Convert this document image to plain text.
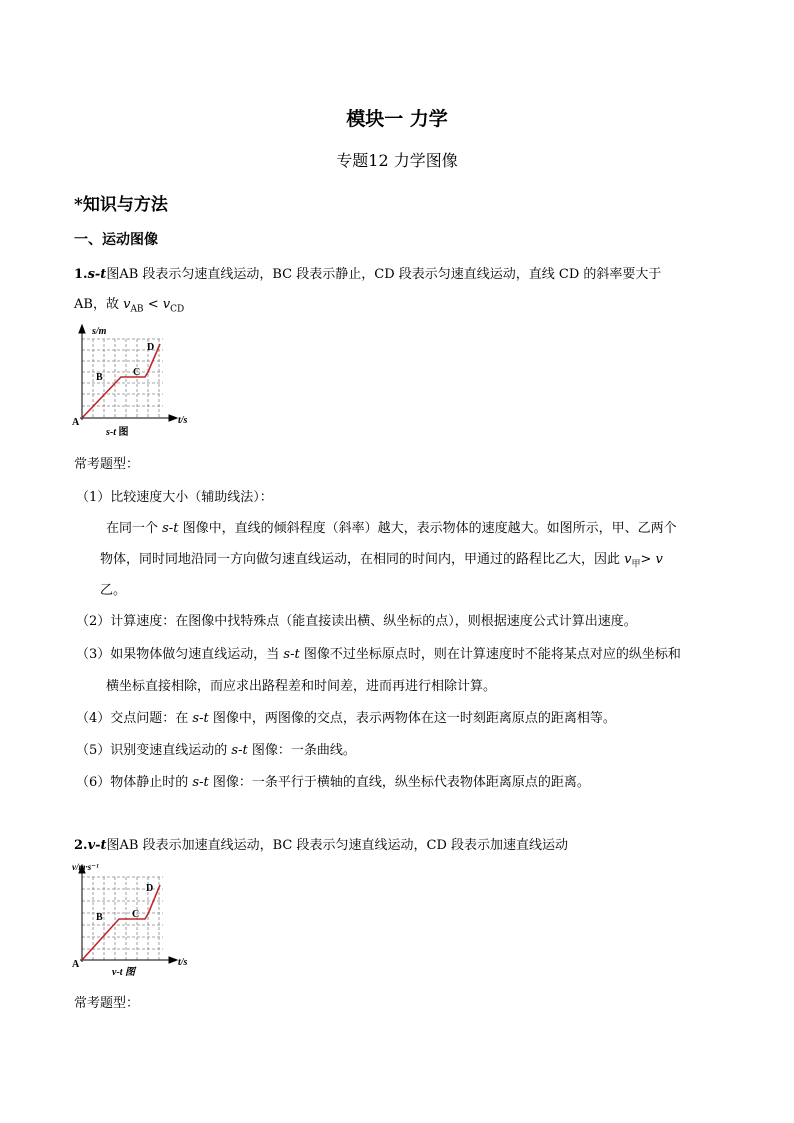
模块一 力学
专题12 力学图像
*知识与方法
一、运动图像
1.s-t图AB 段表示匀速直线运动，BC 段表示静止，CD 段表示匀速直线运动，直线 CD 的斜率要大于
AB，故 $v_{AB} < v_{CD}$
s/m
t/s
A
B	C
D
s-t 图
常考题型：
（1）比较速度大小（辅助线法）：
在同一个 s-t 图像中，直线的倾斜程度（斜率）越大，表示物体的速度越大。如图所示，甲、乙两个
物体，同时同地沿同一方向做匀速直线运动，在相同的时间内，甲通过的路程比乙大，因此 $v_甲> v$
乙。
（2）计算速度：在图像中找特殊点（能直接读出横、纵坐标的点），则根据速度公式计算出速度。
（3）如果物体做匀速直线运动，当 s-t 图像不过坐标原点时，则在计算速度时不能将某点对应的纵坐标和
横坐标直接相除，而应求出路程差和时间差，进而再进行相除计算。
（4）交点问题：在 s-t 图像中，两图像的交点，表示两物体在这一时刻距离原点的距离相等。
（5）识别变速直线运动的 s-t 图像：一条曲线。
（6）物体静止时的 s-t 图像：一条平行于横轴的直线，纵坐标代表物体距离原点的距离。
2.v-t图AB 段表示加速直线运动，BC 段表示匀速直线运动，CD 段表示加速直线运动
v/m·s⁻¹
t/s
A
B	C
D
v-t 图
常考题型：
